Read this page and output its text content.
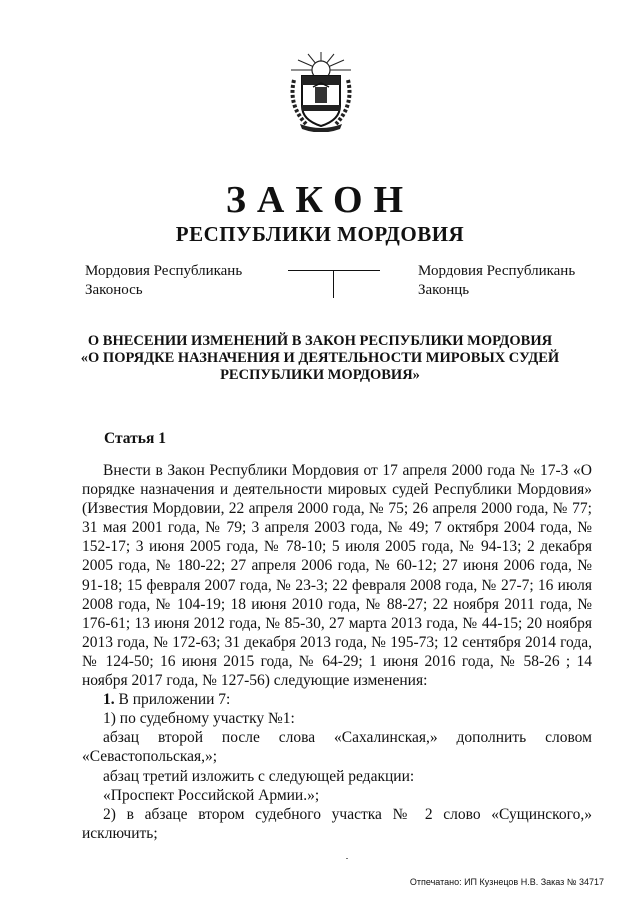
ЗАКОН
РЕСПУБЛИКИ МОРДОВИЯ
Мордовия Республикань
Законось
Мордовия Республикань
Законць
О ВНЕСЕНИИ ИЗМЕНЕНИЙ В ЗАКОН РЕСПУБЛИКИ МОРДОВИЯ
«О ПОРЯДКЕ НАЗНАЧЕНИЯ И ДЕЯТЕЛЬНОСТИ МИРОВЫХ СУДЕЙ
РЕСПУБЛИКИ МОРДОВИЯ»
Статья 1

Внести в Закон Республики Мордовия от 17 апреля 2000 года № 17-З «О порядке назначения и деятельности мировых судей Республики Мордовия» (Известия Мордовии, 22 апреля 2000 года, № 75; 26 апреля 2000 года, № 77; 31 мая 2001 года, № 79; 3 апреля 2003 года, № 49; 7 октября 2004 года, № 152-17; 3 июня 2005 года, № 78-10; 5 июля 2005 года, № 94-13; 2 декабря 2005 года, № 180-22; 27 апреля 2006 года, № 60-12; 27 июня 2006 года, № 91-18; 15 февраля 2007 года, № 23-3; 22 февраля 2008 года, № 27-7; 16 июля 2008 года, № 104-19; 18 июня 2010 года, № 88-27; 22 ноября 2011 года, № 176-61; 13 июня 2012 года, № 85-30, 27 марта 2013 года, № 44-15; 20 ноября 2013 года, № 172-63; 31 декабря 2013 года, № 195-73; 12 сентября 2014 года, № 124-50; 16 июня 2015 года, № 64-29; 1 июня 2016 года, № 58-26 ; 14 ноября 2017 года, № 127-56) следующие изменения:

1. В приложении 7:

1) по судебному участку №1:

абзац второй после слова «Сахалинская,» дополнить словом
«Севастопольская,»;

абзац третий изложить с следующей редакции:

«Проспект Российской Армии.»;

2) в абзаце втором судебного участка № 2 слово «Сущинского,» исключить;

Отпечатано: ИП Кузнецов Н.В. Заказ № 34717
